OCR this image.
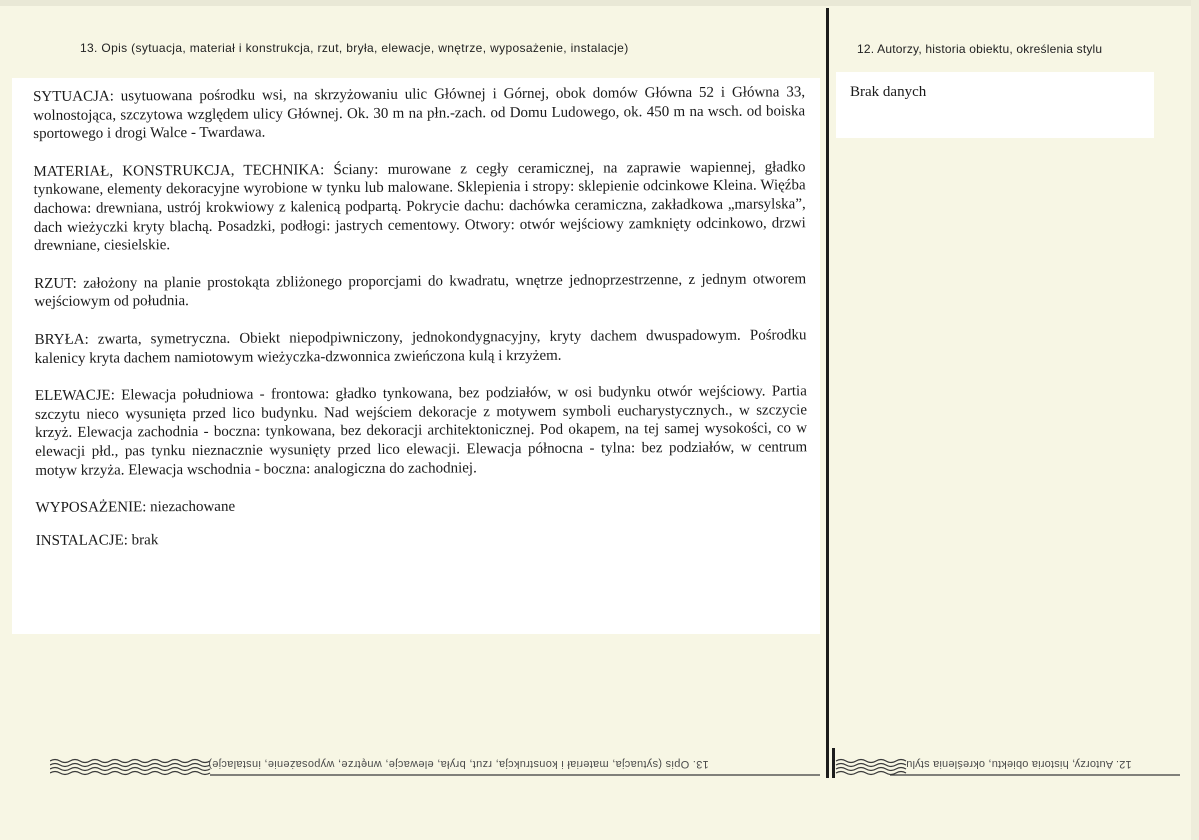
13. Opis (sytuacja, materiał i konstrukcja, rzut, bryła, elewacje, wnętrze, wyposażenie, instalacje)	12. Autorzy, historia obiektu, określenia stylu

SYTUACJA: usytuowana pośrodku wsi, na skrzyżowaniu ulic Głównej i Górnej, obok domów Główna 52 i Główna 33, wolnostojąca, szczytowa względem ulicy Głównej. Ok. 30 m na płn.-zach. od Domu Ludowego, ok. 450 m na wsch. od boiska sportowego i drogi Walce - Twardawa.

MATERIAŁ, KONSTRUKCJA, TECHNIKA: Ściany: murowane z cegły ceramicznej, na zaprawie wapiennej, gładko tynkowane, elementy dekoracyjne wyrobione w tynku lub malowane. Sklepienia i stropy: sklepienie odcinkowe Kleina. Więźba dachowa: drewniana, ustrój krokwiowy z kalenicą podpartą. Pokrycie dachu: dachówka ceramiczna, zakładkowa „marsylska”, dach wieżyczki kryty blachą. Posadzki, podłogi: jastrych cementowy. Otwory: otwór wejściowy zamknięty odcinkowo, drzwi drewniane, ciesielskie.

RZUT: założony na planie prostokąta zbliżonego proporcjami do kwadratu, wnętrze jednoprzestrzenne, z jednym otworem wejściowym od południa.

BRYŁA: zwarta, symetryczna. Obiekt niepodpiwniczony, jednokondygnacyjny, kryty dachem dwuspadowym. Pośrodku kalenicy kryta dachem namiotowym wieżyczka-dzwonnica zwieńczona kulą i krzyżem.

ELEWACJE: Elewacja południowa - frontowa: gładko tynkowana, bez podziałów, w osi budynku otwór wejściowy. Partia szczytu nieco wysunięta przed lico budynku. Nad wejściem dekoracje z motywem symboli eucharystycznych., w szczycie krzyż. Elewacja zachodnia - boczna: tynkowana, bez dekoracji architektonicznej. Pod okapem, na tej samej wysokości, co w elewacji płd., pas tynku nieznacznie wysunięty przed lico elewacji. Elewacja północna - tylna: bez podziałów, w centrum motyw krzyża. Elewacja wschodnia - boczna: analogiczna do zachodniej.

WYPOSAŻENIE: niezachowane

INSTALACJE: brak

Brak danych
13. Opis (sytuacja, materiał i konstrukcja, rzut, bryła, elewacje, wnętrze, wyposażenie, instalacje)	12. Autorzy, historia obiektu, określenia stylu
